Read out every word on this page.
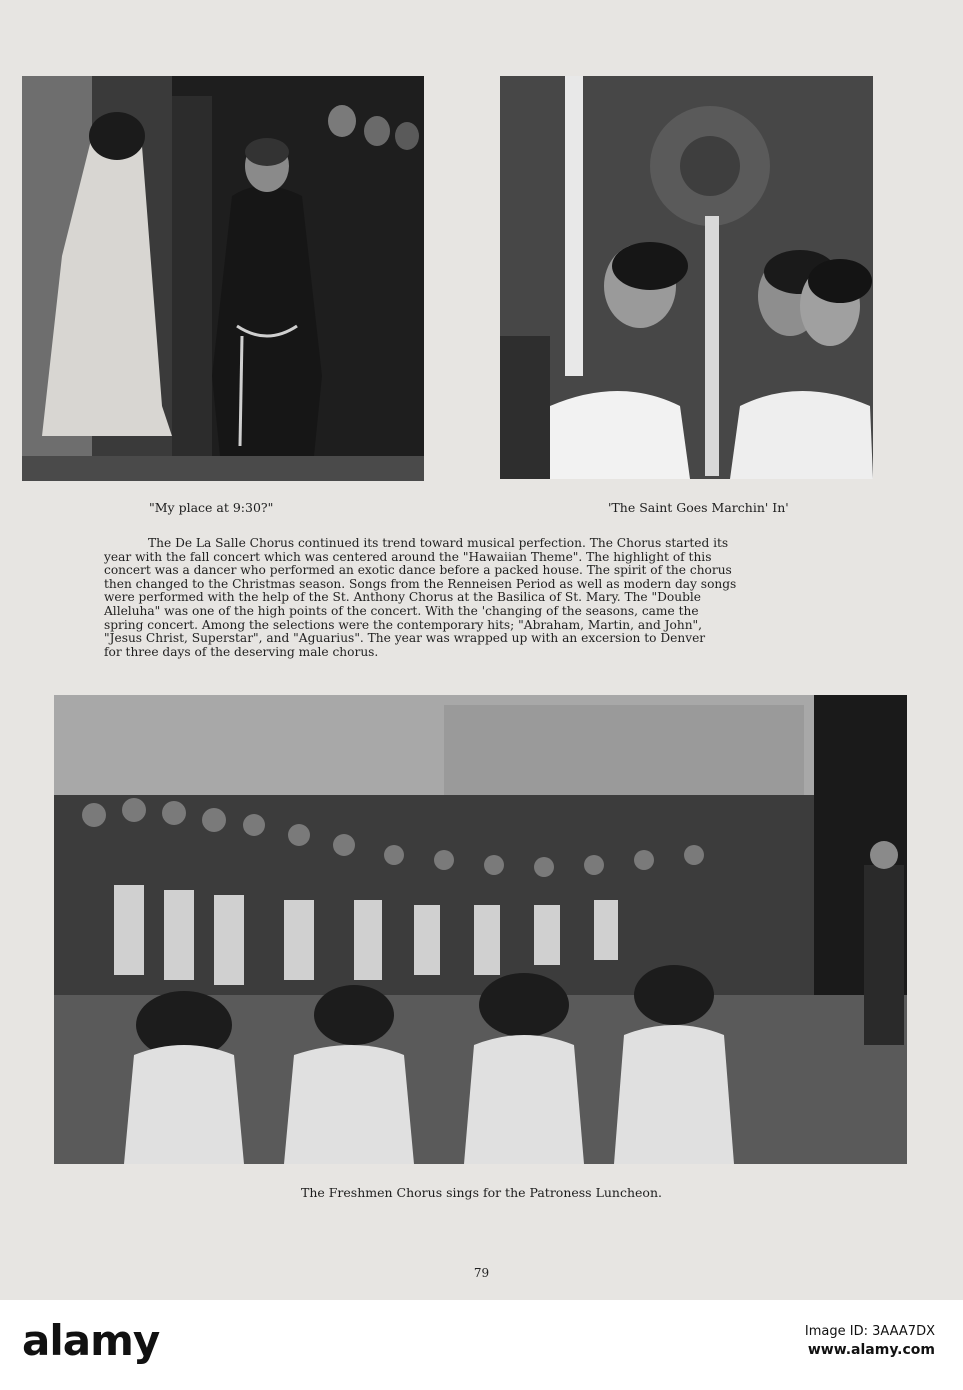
"My place at 9:30?"	'The Saint Goes Marchin' In'
The De La Salle Chorus continued its trend toward musical perfection. The Chorus started its
year with the fall concert which was centered around the "Hawaiian Theme". The highlight of this
concert was a dancer who performed an exotic dance before a packed house. The spirit of the chorus
then changed to the Christmas season. Songs from the Renneisen Period as well as modern day songs
were performed with the help of the St. Anthony Chorus at the Basilica of St. Mary. The "Double
Alleluha" was one of the high points of the concert. With the 'changing of the seasons, came the
spring concert. Among the selections were the contemporary hits; "Abraham, Martin, and John",
"Jesus Christ, Superstar", and "Aguarius". The year was wrapped up with an excersion to Denver
for three days of the deserving male chorus.
The Freshmen Chorus sings for the Patroness Luncheon.
79
alamy	Image ID: 3AAA7DX
www.alamy.com
